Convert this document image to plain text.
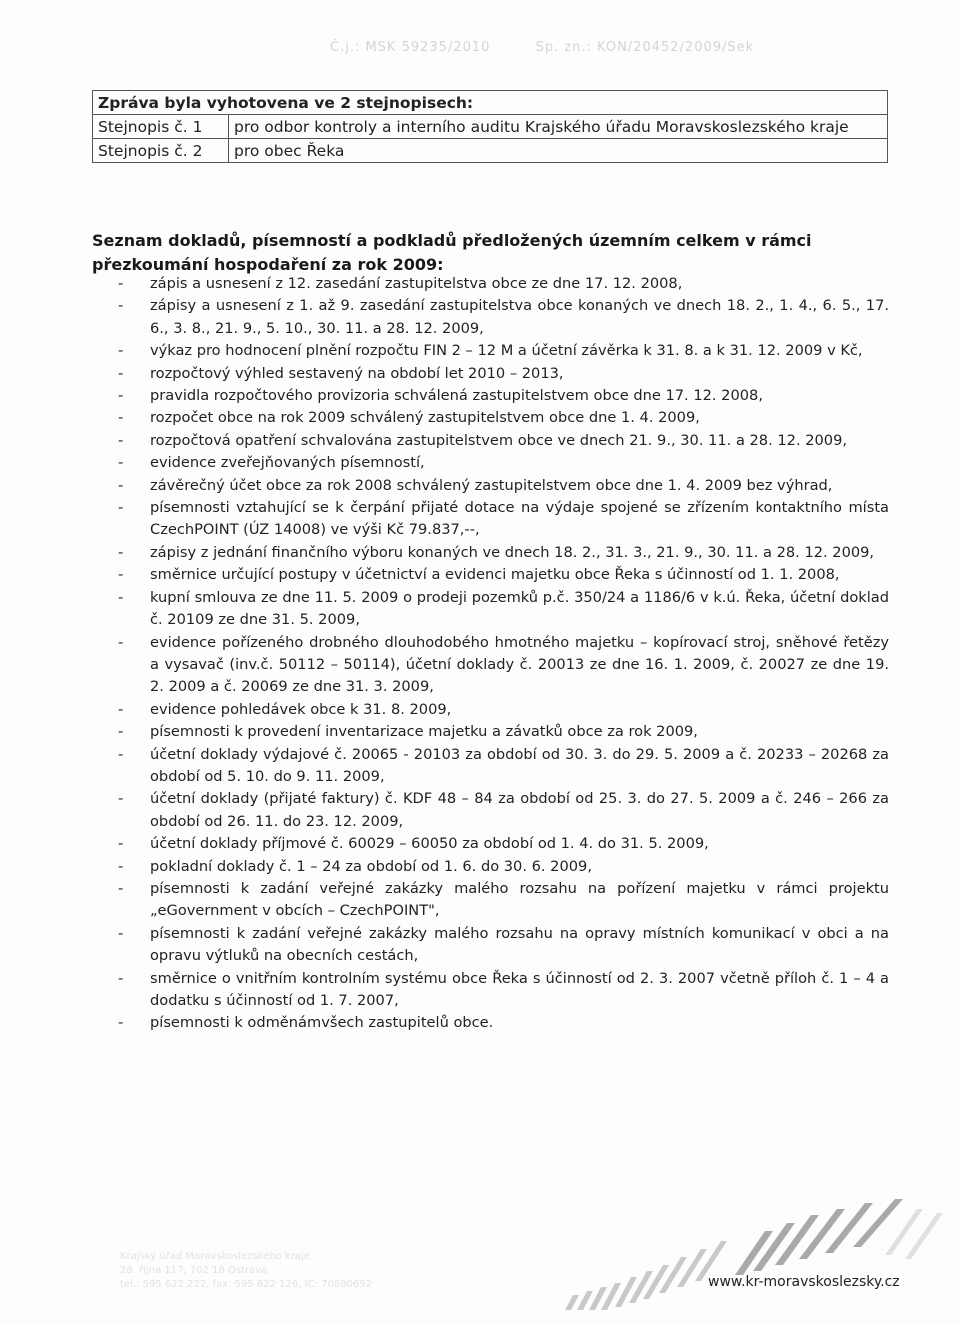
Č.j.: MSK 59235/2010	Sp. zn.: KON/20452/2009/Sek
Zpráva byla vyhotovena ve 2 stejnopisech:	
Stejnopis č. 1	pro odbor kontroly a interního auditu Krajského úřadu Moravskoslezského kraje
Stejnopis č. 2	pro obec Řeka
Seznam dokladů, písemností a podkladů předložených územním celkem v rámci přezkoumání hospodaření za rok 2009:
- zápis a usnesení z 12. zasedání zastupitelstva obce ze dne 17. 12. 2008,
- zápisy a usnesení z 1. až 9. zasedání zastupitelstva obce konaných ve dnech 18. 2., 1. 4., 6. 5., 17. 6., 3. 8., 21. 9., 5. 10., 30. 11. a 28. 12. 2009,
- výkaz pro hodnocení plnění rozpočtu FIN 2 – 12 M a účetní závěrka k 31. 8. a k 31. 12. 2009 v Kč,
- rozpočtový výhled sestavený na období let 2010 – 2013,
- pravidla rozpočtového provizoria schválená zastupitelstvem obce dne 17. 12. 2008,
- rozpočet obce na rok 2009 schválený zastupitelstvem obce dne 1. 4. 2009,
- rozpočtová opatření schvalována zastupitelstvem obce ve dnech 21. 9., 30. 11. a 28. 12. 2009,
- evidence zveřejňovaných písemností,
- závěrečný účet obce za rok 2008 schválený zastupitelstvem obce dne 1. 4. 2009 bez výhrad,
- písemnosti vztahující se k čerpání přijaté dotace na výdaje spojené se zřízením kontaktního místa CzechPOINT (ÚZ 14008) ve výši Kč 79.837,--,
- zápisy z jednání finančního výboru konaných ve dnech 18. 2., 31. 3., 21. 9., 30. 11. a 28. 12. 2009,
- směrnice určující postupy v účetnictví a evidenci majetku obce Řeka s účinností od 1. 1. 2008,
- kupní smlouva ze dne 11. 5. 2009 o prodeji pozemků p.č. 350/24 a 1186/6 v k.ú. Řeka, účetní doklad č. 20109 ze dne 31. 5. 2009,
- evidence pořízeného drobného dlouhodobého hmotného majetku – kopírovací stroj, sněhové řetězy a vysavač (inv.č. 50112 – 50114), účetní doklady č. 20013 ze dne 16. 1. 2009, č. 20027 ze dne 19. 2. 2009 a č. 20069 ze dne 31. 3. 2009,
- evidence pohledávek obce k 31. 8. 2009,
- písemnosti k provedení inventarizace majetku a závatků obce za rok 2009,
- účetní doklady výdajové č. 20065 - 20103 za období od 30. 3. do 29. 5. 2009 a č. 20233 – 20268 za období od 5. 10. do 9. 11. 2009,
- účetní doklady (přijaté faktury) č. KDF 48 – 84 za období od 25. 3. do 27. 5. 2009 a č. 246 – 266 za období od 26. 11. do 23. 12. 2009,
- účetní doklady příjmové č. 60029 – 60050 za období od 1. 4. do 31. 5. 2009,
- pokladní doklady č. 1 – 24 za období od 1. 6. do 30. 6. 2009,
- písemnosti k zadání veřejné zakázky malého rozsahu na pořízení majetku v rámci projektu „eGovernment v obcích – CzechPOINT",
- písemnosti k zadání veřejné zakázky malého rozsahu na opravy místních komunikací v obci a na opravu výtluků na obecních cestách,
- směrnice o vnitřním kontrolním systému obce Řeka s účinností od 2. 3. 2007 včetně příloh č. 1 – 4 a dodatku s účinností od 1. 7. 2007,
- písemnosti k odměnámvšech zastupitelů obce.
Krajský úřad Moravskoslezského kraje
28. října 117, 702 18 Ostrava
tel.: 595 622 222, fax: 595 622 126, IČ: 70890692	www.kr-moravskoslezsky.cz
